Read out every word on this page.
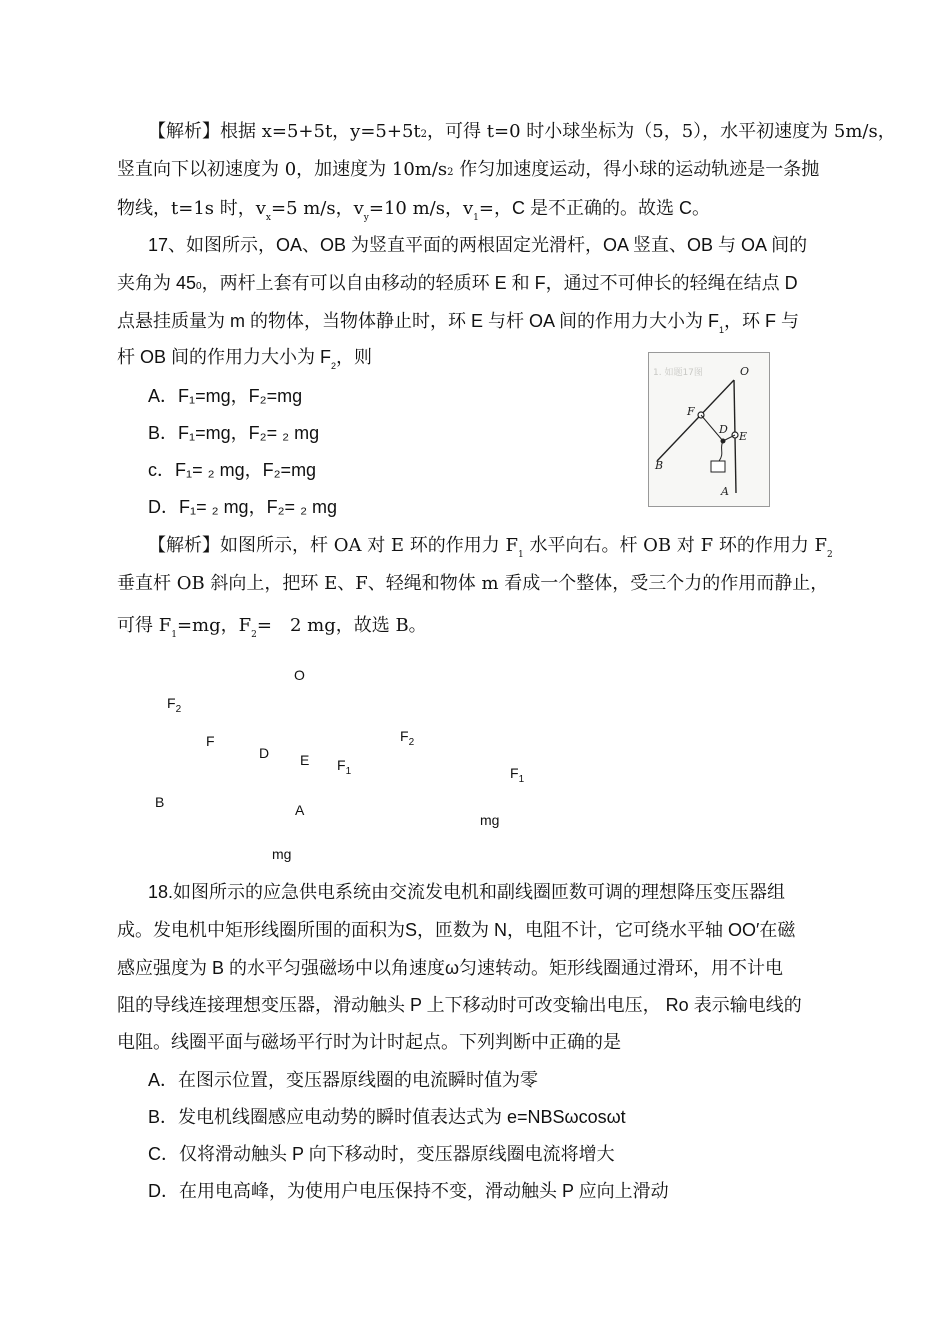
【解析】根据 x=5+5t，y=5+5t2，可得 t=0 时小球坐标为（5，5），水平初速度为 5m/s，
竖直向下以初速度为 0，加速度为 10m/s2 作匀加速度运动，得小球的运动轨迹是一条抛
物线，t=1s 时，$v_x=5$ m/s，$v_y=10$ m/s，$v_1=$，C 是不正确的。故选 C。
17、如图所示，OA、OB 为竖直平面的两根固定光滑杆，OA 竖直、OB 与 OA 间的
夹角为 450，两杆上套有可以自由移动的轻质环 E 和 F，通过不可伸长的轻绳在结点 D
点悬挂质量为 m 的物体，当物体静止时，环 E 与杆 OA 间的作用力大小为 $F_1$，环 F 与
杆 OB 间的作用力大小为 $F_2$，则
A．F₁=mg，F₂=mg
B．F₁=mg，F₂= ₂ mg
c．F₁= ₂ mg，F₂=mg
D．F₁= ₂ mg，F₂= ₂ mg
1. 如题17图	O
F
D
E
B
A
【解析】如图所示，杆 OA 对 E 环的作用力 $F_1$ 水平向右。杆 OB 对 F 环的作用力 $F_2$
垂直杆 OB 斜向上，把环 E、F、轻绳和物体 m 看成一个整体，受三个力的作用而静止，
可得 $F_1=mg$，$F_2= 2$ mg，故选 B。
O
$F_2$
F
D E $F_1$
$F_2$
$F_1$
B	A
mg
mg
18.如图所示的应急供电系统由交流发电机和副线圈匝数可调的理想降压变压器组
成。发电机中矩形线圈所围的面积为S，匝数为 N，电阻不计，它可绕水平轴 OO′在磁
感应强度为 B 的水平匀强磁场中以角速度ω匀速转动。矩形线圈通过滑环，用不计电
阻的导线连接理想变压器，滑动触头 P 上下移动时可改变输出电压， Ro 表示输电线的
电阻。线圈平面与磁场平行时为计时起点。下列判断中正确的是
A．在图示位置，变压器原线圈的电流瞬时值为零
B．发电机线圈感应电动势的瞬时值表达式为 e=NBSωcosωt
C．仅将滑动触头 P 向下移动时，变压器原线圈电流将增大
D．在用电高峰，为使用户电压保持不变，滑动触头 P 应向上滑动
